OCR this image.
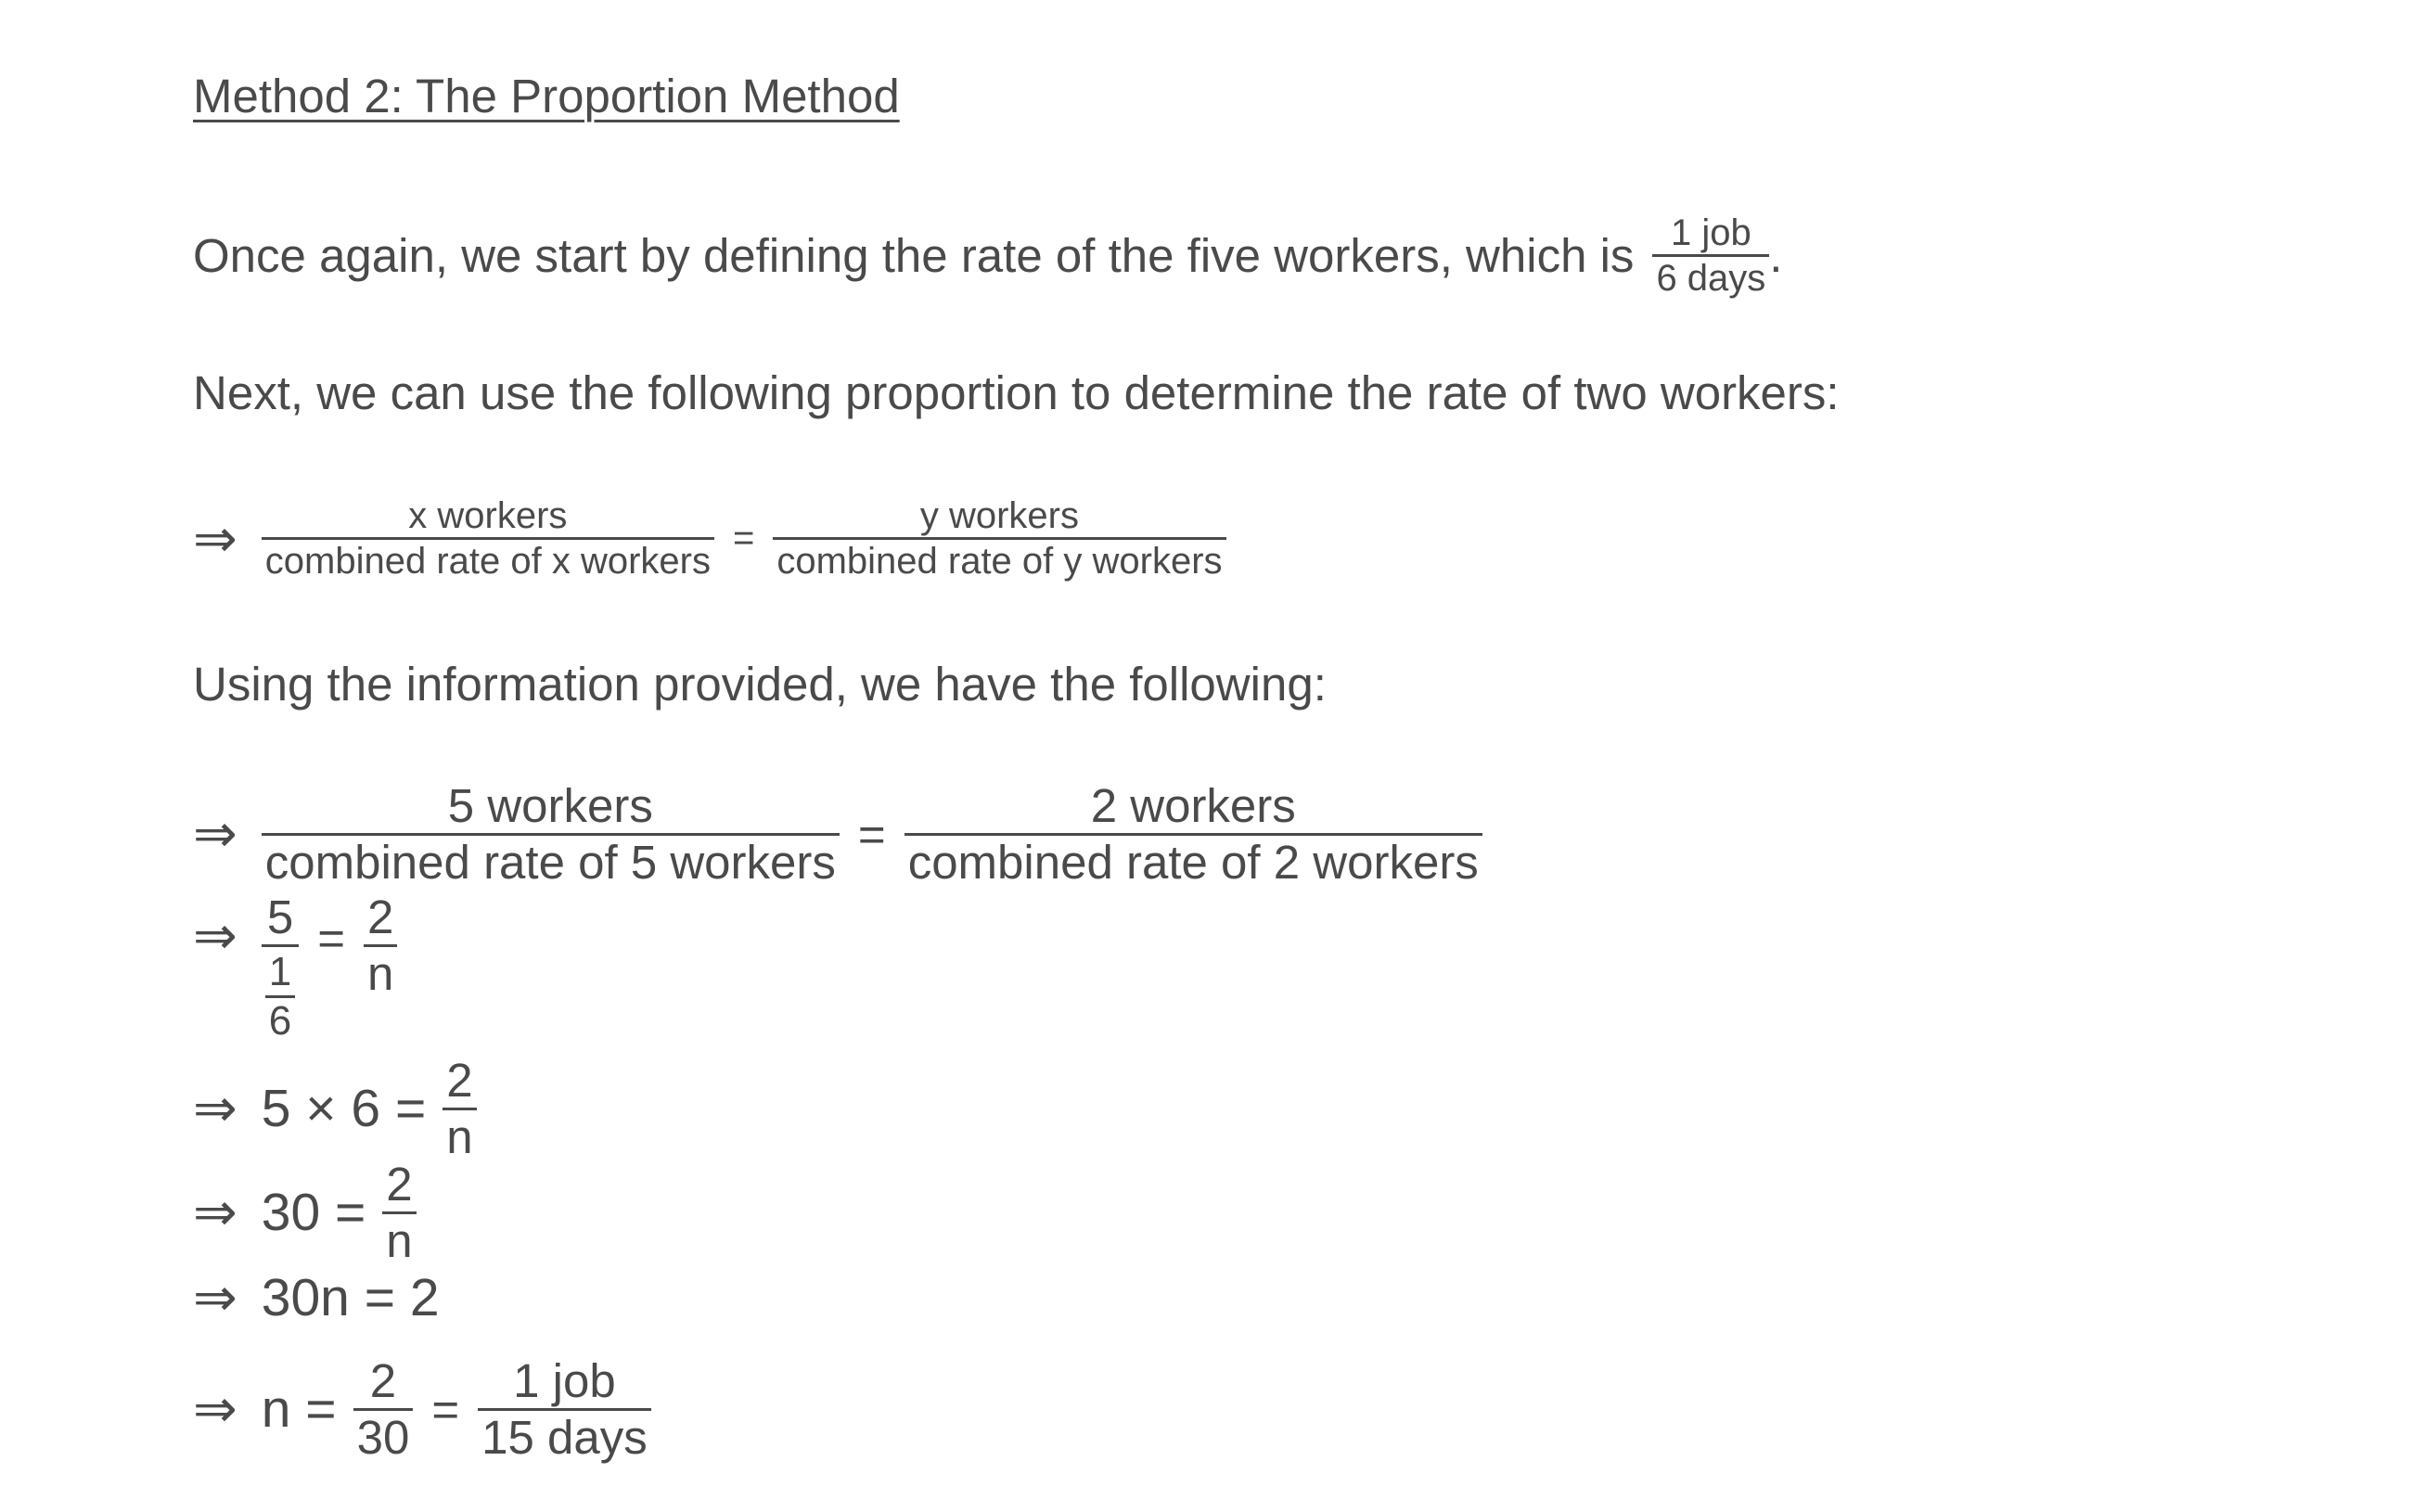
Method 2: The Proportion Method
Once again, we start by defining the rate of the five workers, which is $\frac{\text{1 job}}{\text{6 days}}$ .
Next, we can use the following proportion to determine the rate of two workers:
⇒ $\frac{\text{x workers}}{\text{combined rate of x workers}} = \frac{\text{y workers}}{\text{combined rate of y workers}}$
Using the information provided, we have the following:
⇒ $\frac{\text{5 workers}}{\text{combined rate of 5 workers}} = \frac{\text{2 workers}}{\text{combined rate of 2 workers}}$
⇒ $\frac{5}{\frac{1}{6}} = \frac{2}{n}$
⇒ $5 \times 6 = \frac{2}{n}$
⇒ $30 = \frac{2}{n}$
⇒ 30n = 2
⇒ $n = \frac{2}{30} = \frac{\text{1 job}}{\text{15 days}}$
